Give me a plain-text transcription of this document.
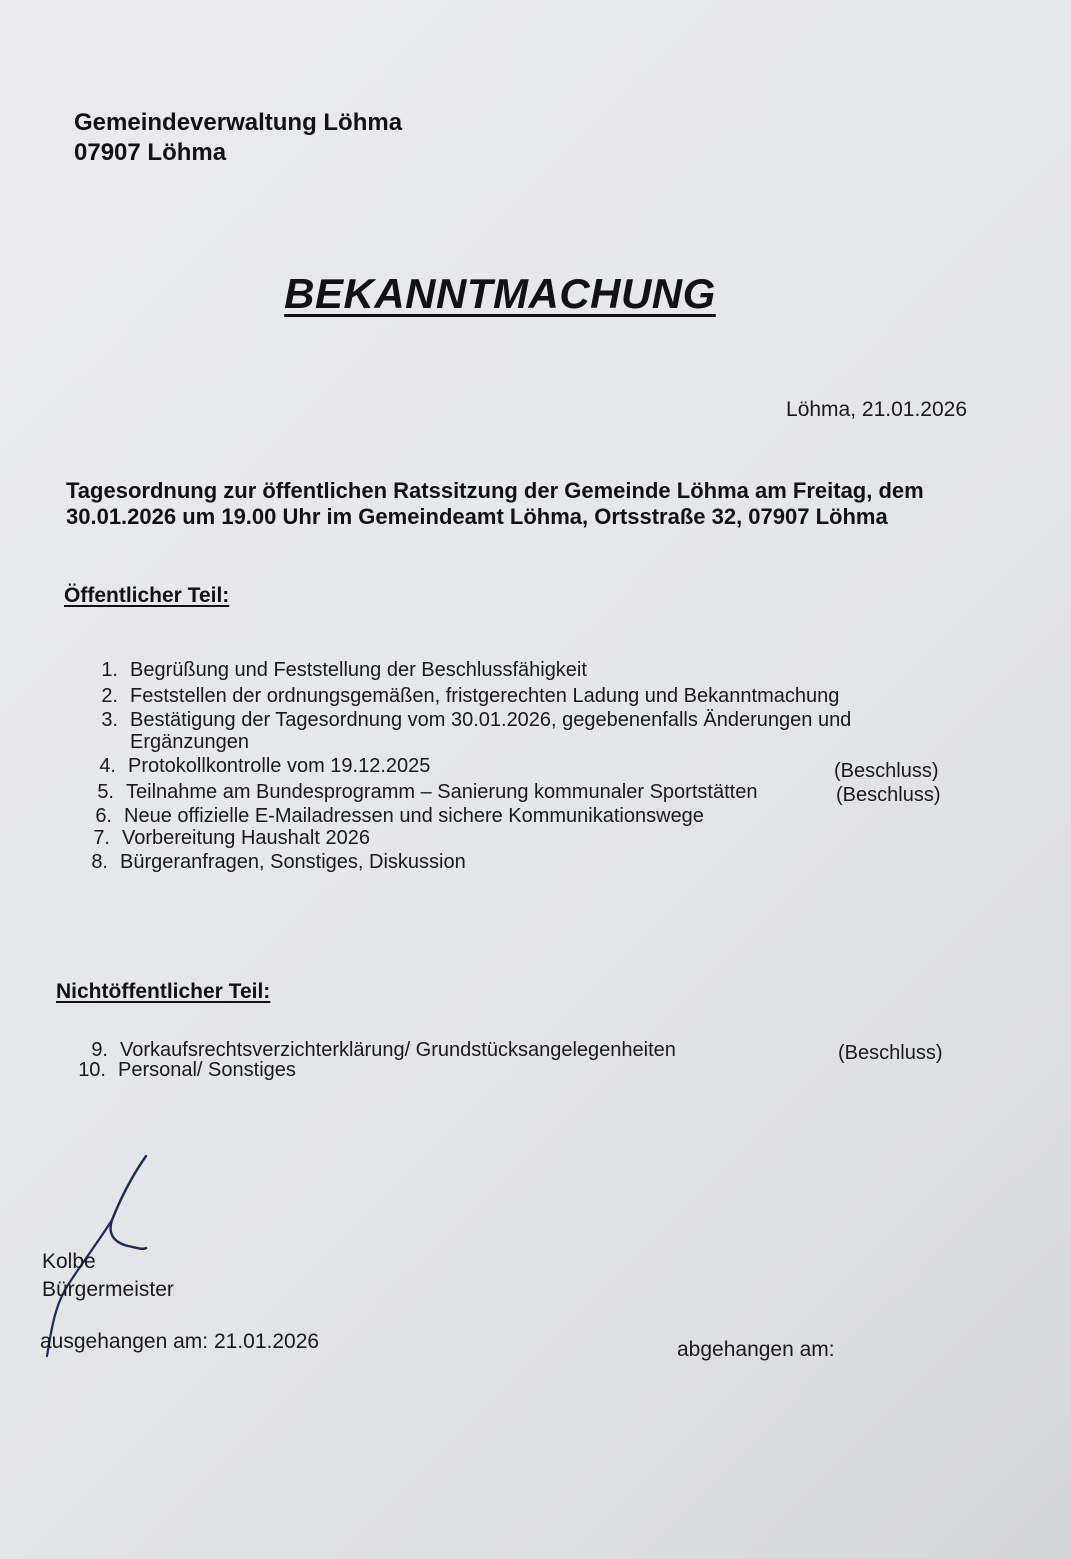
Gemeindeverwaltung Löhma
07907 Löhma
BEKANNTMACHUNG
Löhma, 21.01.2026
Tagesordnung zur öffentlichen Ratssitzung der Gemeinde Löhma am Freitag, dem 30.01.2026 um 19.00 Uhr im Gemeindeamt Löhma, Ortsstraße 32, 07907 Löhma
Öffentlicher Teil:
1. Begrüßung und Feststellung der Beschlussfähigkeit
2. Feststellen der ordnungsgemäßen, fristgerechten Ladung und Bekanntmachung
3. Bestätigung der Tagesordnung vom 30.01.2026, gegebenenfalls Änderungen und
Ergänzungen
4. Protokollkontrolle vom 19.12.2025	(Beschluss)
5. Teilnahme am Bundesprogramm – Sanierung kommunaler Sportstätten	(Beschluss)
6. Neue offizielle E-Mailadressen und sichere Kommunikationswege
7. Vorbereitung Haushalt 2026
8. Bürgeranfragen, Sonstiges, Diskussion
Nichtöffentlicher Teil:
9. Vorkaufsrechtsverzichterklärung/ Grundstücksangelegenheiten	(Beschluss)
10. Personal/ Sonstiges
Kolbe
Bürgermeister
ausgehangen am: 21.01.2026	abgehangen am:
